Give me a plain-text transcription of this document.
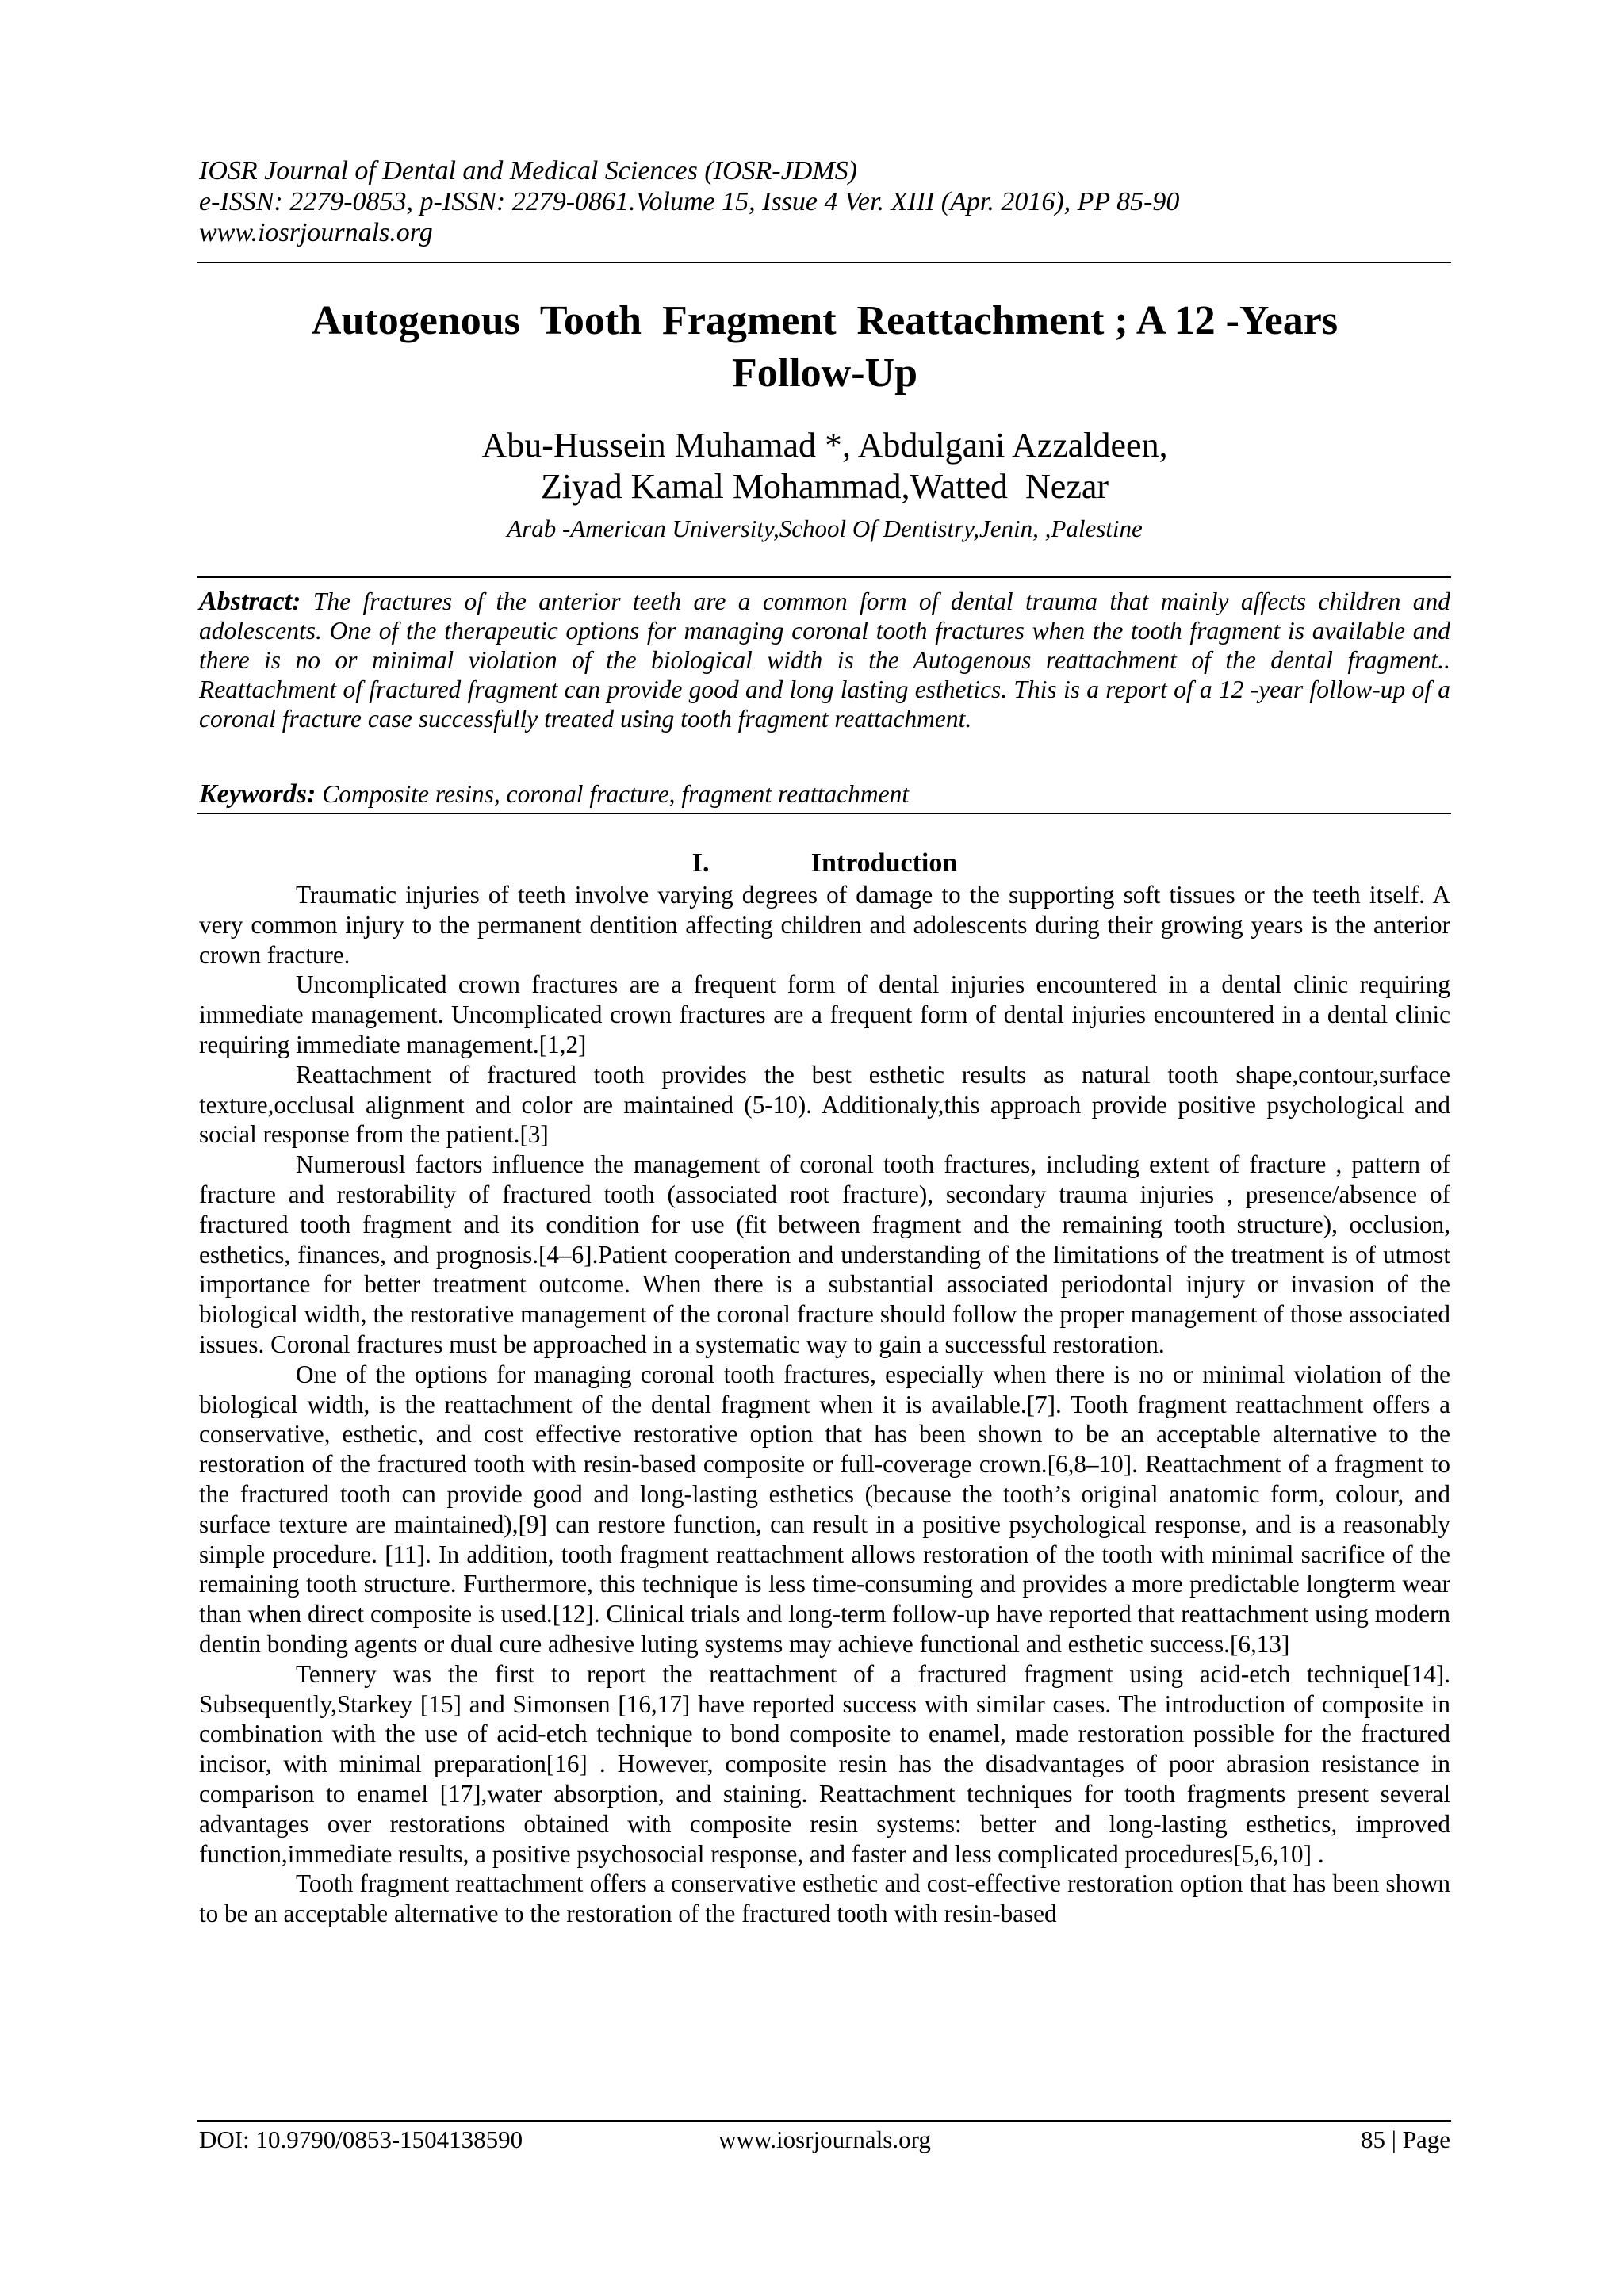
IOSR Journal of Dental and Medical Sciences (IOSR-JDMS)
e-ISSN: 2279-0853, p-ISSN: 2279-0861.Volume 15, Issue 4 Ver. XIII (Apr. 2016), PP 85-90
www.iosrjournals.org
Autogenous  Tooth  Fragment  Reattachment ; A 12 -Years
Follow-Up
Abu-Hussein Muhamad *, Abdulgani Azzaldeen,
Ziyad Kamal Mohammad,Watted  Nezar
Arab -American University,School Of Dentistry,Jenin, ,Palestine
Abstract: The fractures of the anterior teeth are a common form of dental trauma that mainly affects children and adolescents. One of the therapeutic options for managing coronal tooth fractures when the tooth fragment is available and there is no or minimal violation of the biological width is the Autogenous reattachment of the dental fragment.. Reattachment of fractured fragment can provide good and long lasting esthetics. This is a report of a 12 -year follow-up of a coronal fracture case successfully treated using tooth fragment reattachment.
Keywords: Composite resins, coronal fracture, fragment reattachment
I.	Introduction

Traumatic injuries of teeth involve varying degrees of damage to the supporting soft tissues or the teeth itself. A very common injury to the permanent dentition affecting children and adolescents during their growing years is the anterior crown fracture.

Uncomplicated crown fractures are a frequent form of dental injuries encountered in a dental clinic requiring immediate management. Uncomplicated crown fractures are a frequent form of dental injuries encountered in a dental clinic requiring immediate management.[1,2]

Reattachment of fractured tooth provides the best esthetic results as natural tooth shape,contour,surface texture,occlusal alignment and color are maintained (5-10). Additionaly,this approach provide positive psychological and social response from the patient.[3]

Numerousl factors influence the management of coronal tooth fractures, including extent of fracture , pattern of fracture and restorability of fractured tooth (associated root fracture), secondary trauma injuries , presence/absence of fractured tooth fragment and its condition for use (fit between fragment and the remaining tooth structure), occlusion, esthetics, finances, and prognosis.[4–6].Patient cooperation and understanding of the limitations of the treatment is of utmost importance for better treatment outcome. When there is a substantial associated periodontal injury or invasion of the biological width, the restorative management of the coronal fracture should follow the proper management of those associated issues. Coronal fractures must be approached in a systematic way to gain a successful restoration.

One of the options for managing coronal tooth fractures, especially when there is no or minimal violation of the biological width, is the reattachment of the dental fragment when it is available.[7]. Tooth fragment reattachment offers a conservative, esthetic, and cost effective restorative option that has been shown to be an acceptable alternative to the restoration of the fractured tooth with resin-based composite or full-coverage crown.[6,8–10]. Reattachment of a fragment to the fractured tooth can provide good and long-lasting esthetics (because the tooth’s original anatomic form, colour, and surface texture are maintained),[9] can restore function, can result in a positive psychological response, and is a reasonably simple procedure. [11]. In addition, tooth fragment reattachment allows restoration of the tooth with minimal sacrifice of the remaining tooth structure. Furthermore, this technique is less time-consuming and provides a more predictable longterm wear than when direct composite is used.[12]. Clinical trials and long-term follow-up have reported that reattachment using modern dentin bonding agents or dual cure adhesive luting systems may achieve functional and esthetic success.[6,13]

Tennery was the first to report the reattachment of a fractured fragment using acid-etch technique[14]. Subsequently,Starkey [15] and Simonsen [16,17] have reported success with similar cases. The introduction of composite in combination with the use of acid-etch technique to bond composite to enamel, made restoration possible for the fractured incisor, with minimal preparation[16] . However, composite resin has the disadvantages of poor abrasion resistance in comparison to enamel [17],water absorption, and staining. Reattachment techniques for tooth fragments present several advantages over restorations obtained with composite resin systems: better and long-lasting esthetics, improved function,immediate results, a positive psychosocial response, and faster and less complicated procedures[5,6,10] .

Tooth fragment reattachment offers a conservative esthetic and cost-effective restoration option that has been shown to be an acceptable alternative to the restoration of the fractured tooth with resin-based

DOI: 10.9790/0853-1504138590	www.iosrjournals.org	85 | Page
